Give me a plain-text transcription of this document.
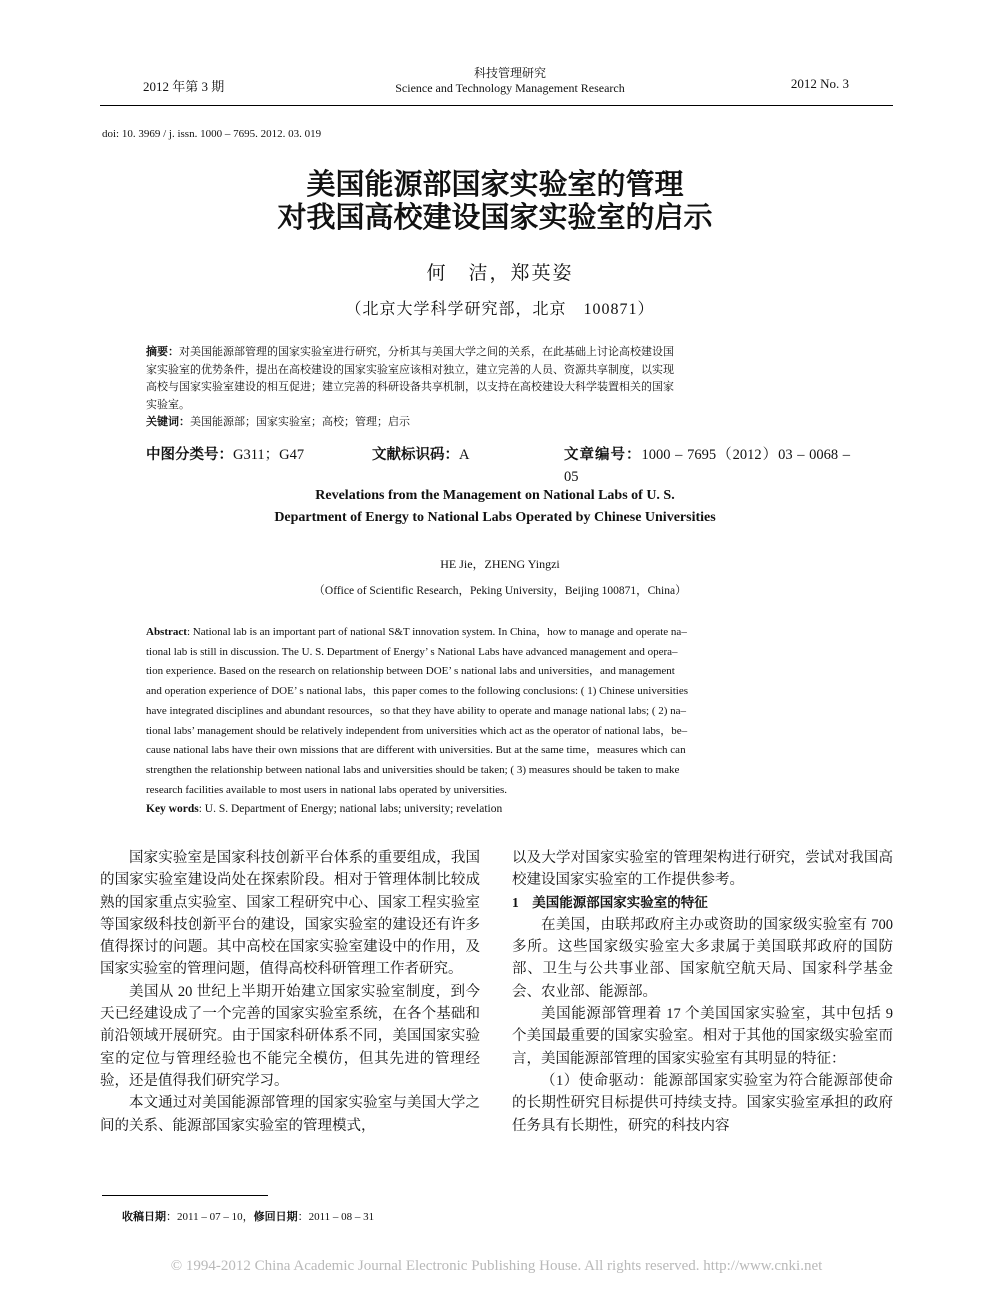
2012 年第 3 期
科技管理研究
Science and Technology Management Research	2012 No. 3
doi: 10. 3969 / j. issn. 1000 – 7695. 2012. 03. 019
美国能源部国家实验室的管理
对我国高校建设国家实验室的启示
何　洁，郑英姿
（北京大学科学研究部，北京　100871）
摘要：对美国能源部管理的国家实验室进行研究，分析其与美国大学之间的关系，在此基础上讨论高校建设国
家实验室的优势条件，提出在高校建设的国家实验室应该相对独立，建立完善的人员、资源共享制度，以实现
高校与国家实验室建设的相互促进；建立完善的科研设备共享机制，以支持在高校建设大科学装置相关的国家
实验室。
关键词：美国能源部；国家实验室；高校；管理；启示
中图分类号：G311；G47	文献标识码：A	文章编号：1000 – 7695（2012）03 – 0068 – 05
Revelations from the Management on National Labs of U. S.
Department of Energy to National Labs Operated by Chinese Universities
HE Jie，ZHENG Yingzi
（Office of Scientific Research，Peking University，Beijing 100871，China）
Abstract: National lab is an important part of national S&T innovation system. In China，how to manage and operate na–
tional lab is still in discussion. The U. S. Department of Energy’ s National Labs have advanced management and opera–
tion experience. Based on the research on relationship between DOE’ s national labs and universities，and management
and operation experience of DOE’ s national labs，this paper comes to the following conclusions: ( 1) Chinese universities
have integrated disciplines and abundant resources，so that they have ability to operate and manage national labs; ( 2) na–
tional labs’ management should be relatively independent from universities which act as the operator of national labs，be–
cause national labs have their own missions that are different with universities. But at the same time，measures which can
strengthen the relationship between national labs and universities should be taken; ( 3) measures should be taken to make
research facilities available to most users in national labs operated by universities.
Key words: U. S. Department of Energy; national labs; university; revelation

国家实验室是国家科技创新平台体系的重要组成，我国的国家实验室建设尚处在探索阶段。相对于管理体制比较成熟的国家重点实验室、国家工程研究中心、国家工程实验室等国家级科技创新平台的建设，国家实验室的建设还有许多值得探讨的问题。其中高校在国家实验室建设中的作用，及国家实验室的管理问题，值得高校科研管理工作者研究。

美国从 20 世纪上半期开始建立国家实验室制度，到今天已经建设成了一个完善的国家实验室系统，在各个基础和前沿领域开展研究。由于国家科研体系不同，美国国家实验室的定位与管理经验也不能完全模仿，但其先进的管理经验，还是值得我们研究学习。

本文通过对美国能源部管理的国家实验室与美国大学之间的关系、能源部国家实验室的管理模式，

以及大学对国家实验室的管理架构进行研究，尝试对我国高校建设国家实验室的工作提供参考。

1　美国能源部国家实验室的特征

在美国，由联邦政府主办或资助的国家级实验室有 700 多所。这些国家级实验室大多隶属于美国联邦政府的国防部、卫生与公共事业部、国家航空航天局、国家科学基金会、农业部、能源部。

美国能源部管理着 17 个美国国家实验室，其中包括 9 个美国最重要的国家实验室。相对于其他的国家级实验室而言，美国能源部管理的国家实验室有其明显的特征：

（1）使命驱动：能源部国家实验室为符合能源部使命的长期性研究目标提供可持续支持。国家实验室承担的政府任务具有长期性，研究的科技内容

收稿日期：2011 – 07 – 10，修回日期：2011 – 08 – 31
© 1994-2012 China Academic Journal Electronic Publishing House. All rights reserved. http://www.cnki.net
